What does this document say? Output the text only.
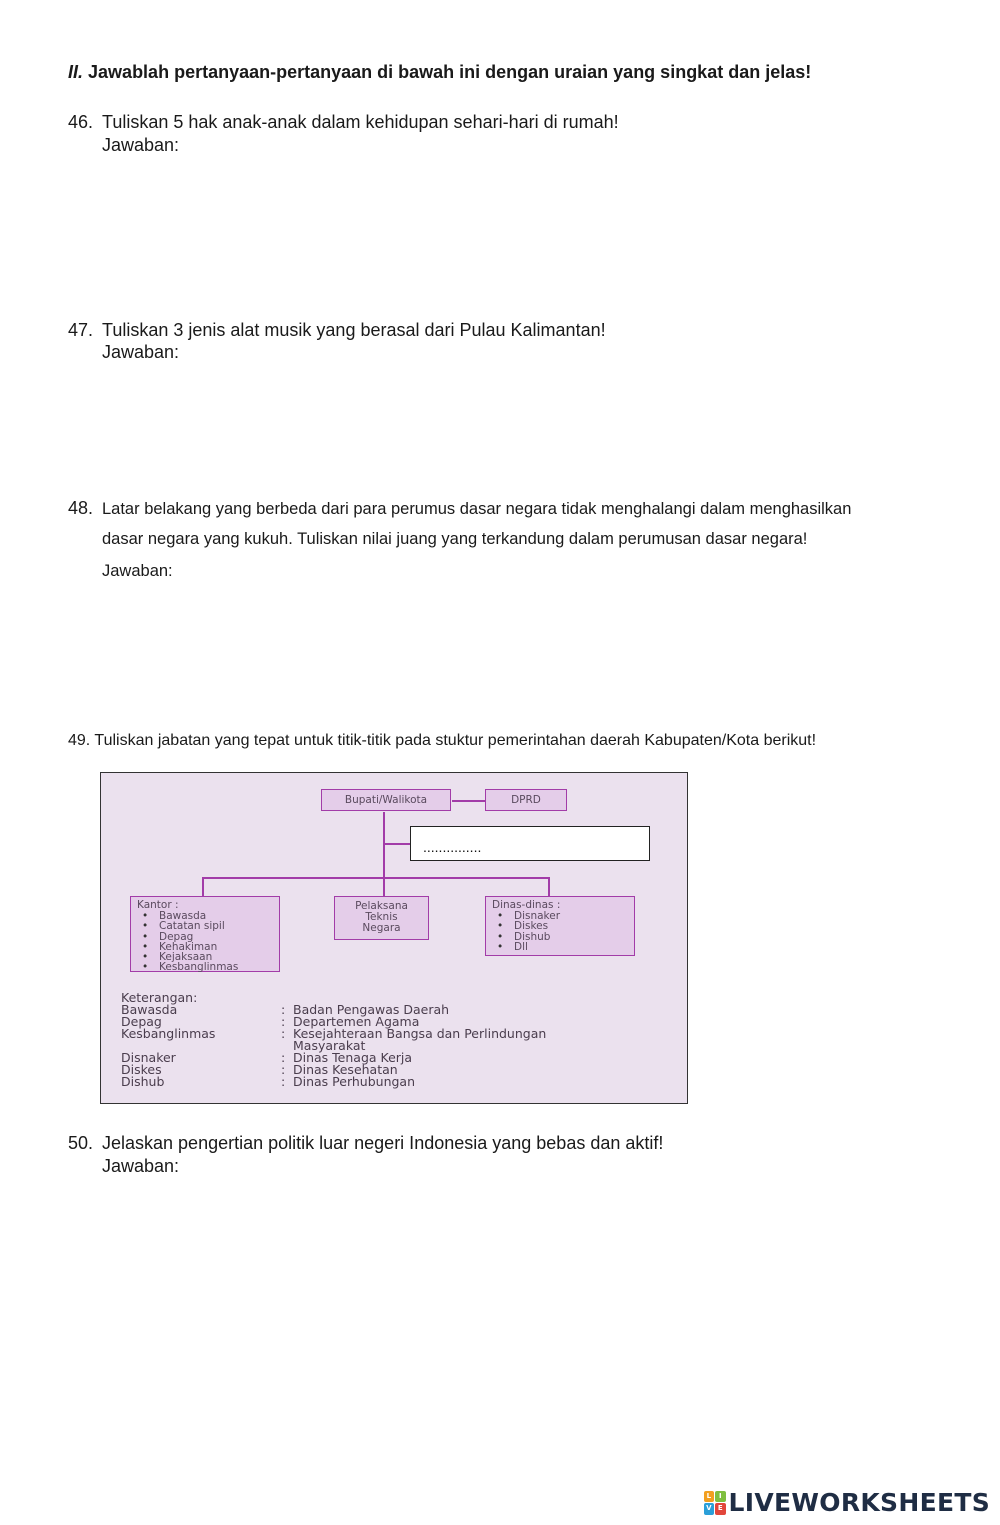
II. Jawablah pertanyaan-pertanyaan di bawah ini dengan uraian yang singkat dan jelas!
46. Tuliskan 5 hak anak-anak dalam kehidupan sehari-hari di rumah!
Jawaban:
47. Tuliskan 3 jenis alat musik yang berasal dari Pulau Kalimantan!
Jawaban:
48. Latar belakang yang berbeda dari para perumus dasar negara tidak menghalangi dalam menghasilkan
dasar negara yang kukuh. Tuliskan nilai juang yang terkandung dalam perumusan dasar negara!
Jawaban:
49. Tuliskan jabatan yang tepat untuk titik-titik pada stuktur pemerintahan daerah Kabupaten/Kota berikut!
Bupati/Walikota	DPRD
...............
Kantor :
• Bawasda
• Catatan sipil
• Depag
• Kehakiman
• Kejaksaan
• Kesbanglinmas
Pelaksana
Teknis
Negara
Dinas-dinas :
• Disnaker
• Diskes
• Dishub
• Dll
Keterangan:
Bawasda	: Badan Pengawas Daerah
Depag	: Departemen Agama
Kesbanglinmas	: Kesejahteraan Bangsa dan Perlindungan
Masyarakat
Disnaker	: Dinas Tenaga Kerja
Diskes	: Dinas Kesehatan
Dishub	: Dinas Perhubungan
50. Jelaskan pengertian politik luar negeri Indonesia yang bebas dan aktif!
Jawaban:
L	I
V E LIVEWORKSHEETS
